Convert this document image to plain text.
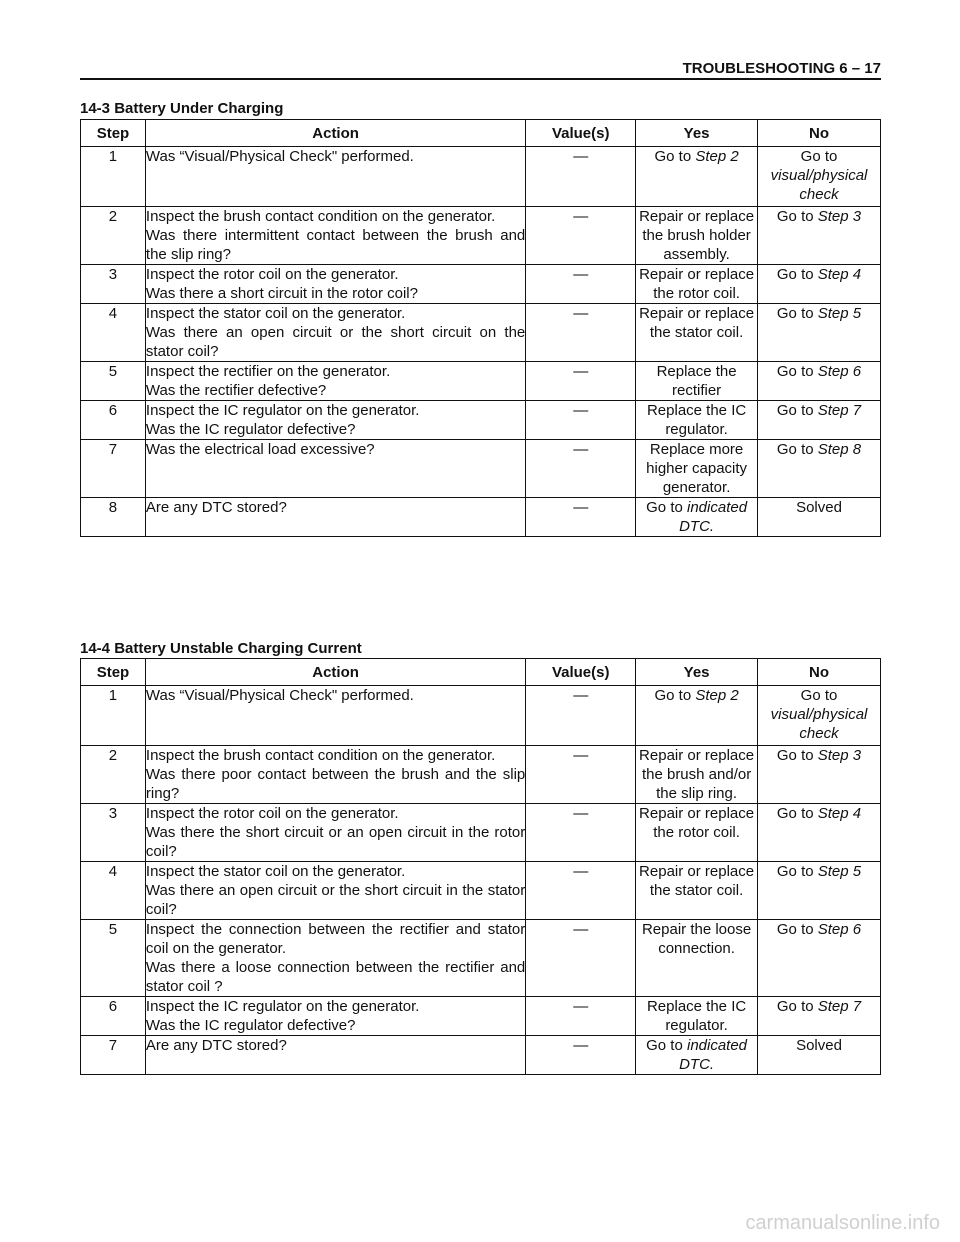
TROUBLESHOOTING 6 – 17
14-3 Battery Under Charging
Step	Action	Value(s)	Yes	No
1	Was “Visual/Physical Check" performed.	—	Go to Step 2	Go to
visual/physical check
2	Inspect the brush contact condition on the generator.
Was there intermittent contact between the brush and the slip ring?	—	Repair or replace the brush holder assembly.	Go to Step 3
3	Inspect the rotor coil on the generator.
Was there a short circuit in the rotor coil?	—	Repair or replace the rotor coil.	Go to Step 4
4	Inspect the stator coil on the generator.
Was there an open circuit or the short circuit on the stator coil?	—	Repair or replace the stator coil.	Go to Step 5
5	Inspect the rectifier on the generator.
Was the rectifier defective?	—	Replace the rectifier	Go to Step 6
6	Inspect the IC regulator on the generator.
Was the IC regulator defective?	—	Replace the IC regulator.	Go to Step 7
7	Was the electrical load excessive?	—	Replace more higher capacity generator.	Go to Step 8
8	Are any DTC stored?	—	Go to indicated DTC.	Solved
14-4 Battery Unstable Charging Current
Step	Action	Value(s)	Yes	No
1	Was “Visual/Physical Check" performed.	—	Go to Step 2	Go to
visual/physical check
2	Inspect the brush contact condition on the generator.
Was there poor contact between the brush and the slip ring?	—	Repair or replace the brush and/or the slip ring.	Go to Step 3
3	Inspect the rotor coil on the generator.
Was there the short circuit or an open circuit in the rotor coil?	—	Repair or replace the rotor coil.	Go to Step 4
4	Inspect the stator coil on the generator.
Was there an open circuit or the short circuit in the stator coil?	—	Repair or replace the stator coil.	Go to Step 5
5	Inspect the connection between the rectifier and stator coil on the generator.
Was there a loose connection between the rectifier and stator coil ?	—	Repair the loose connection.	Go to Step 6
6	Inspect the IC regulator on the generator.
Was the IC regulator defective?	—	Replace the IC regulator.	Go to Step 7
7	Are any DTC stored?	—	Go to indicated DTC.	Solved
carmanualsonline.info
